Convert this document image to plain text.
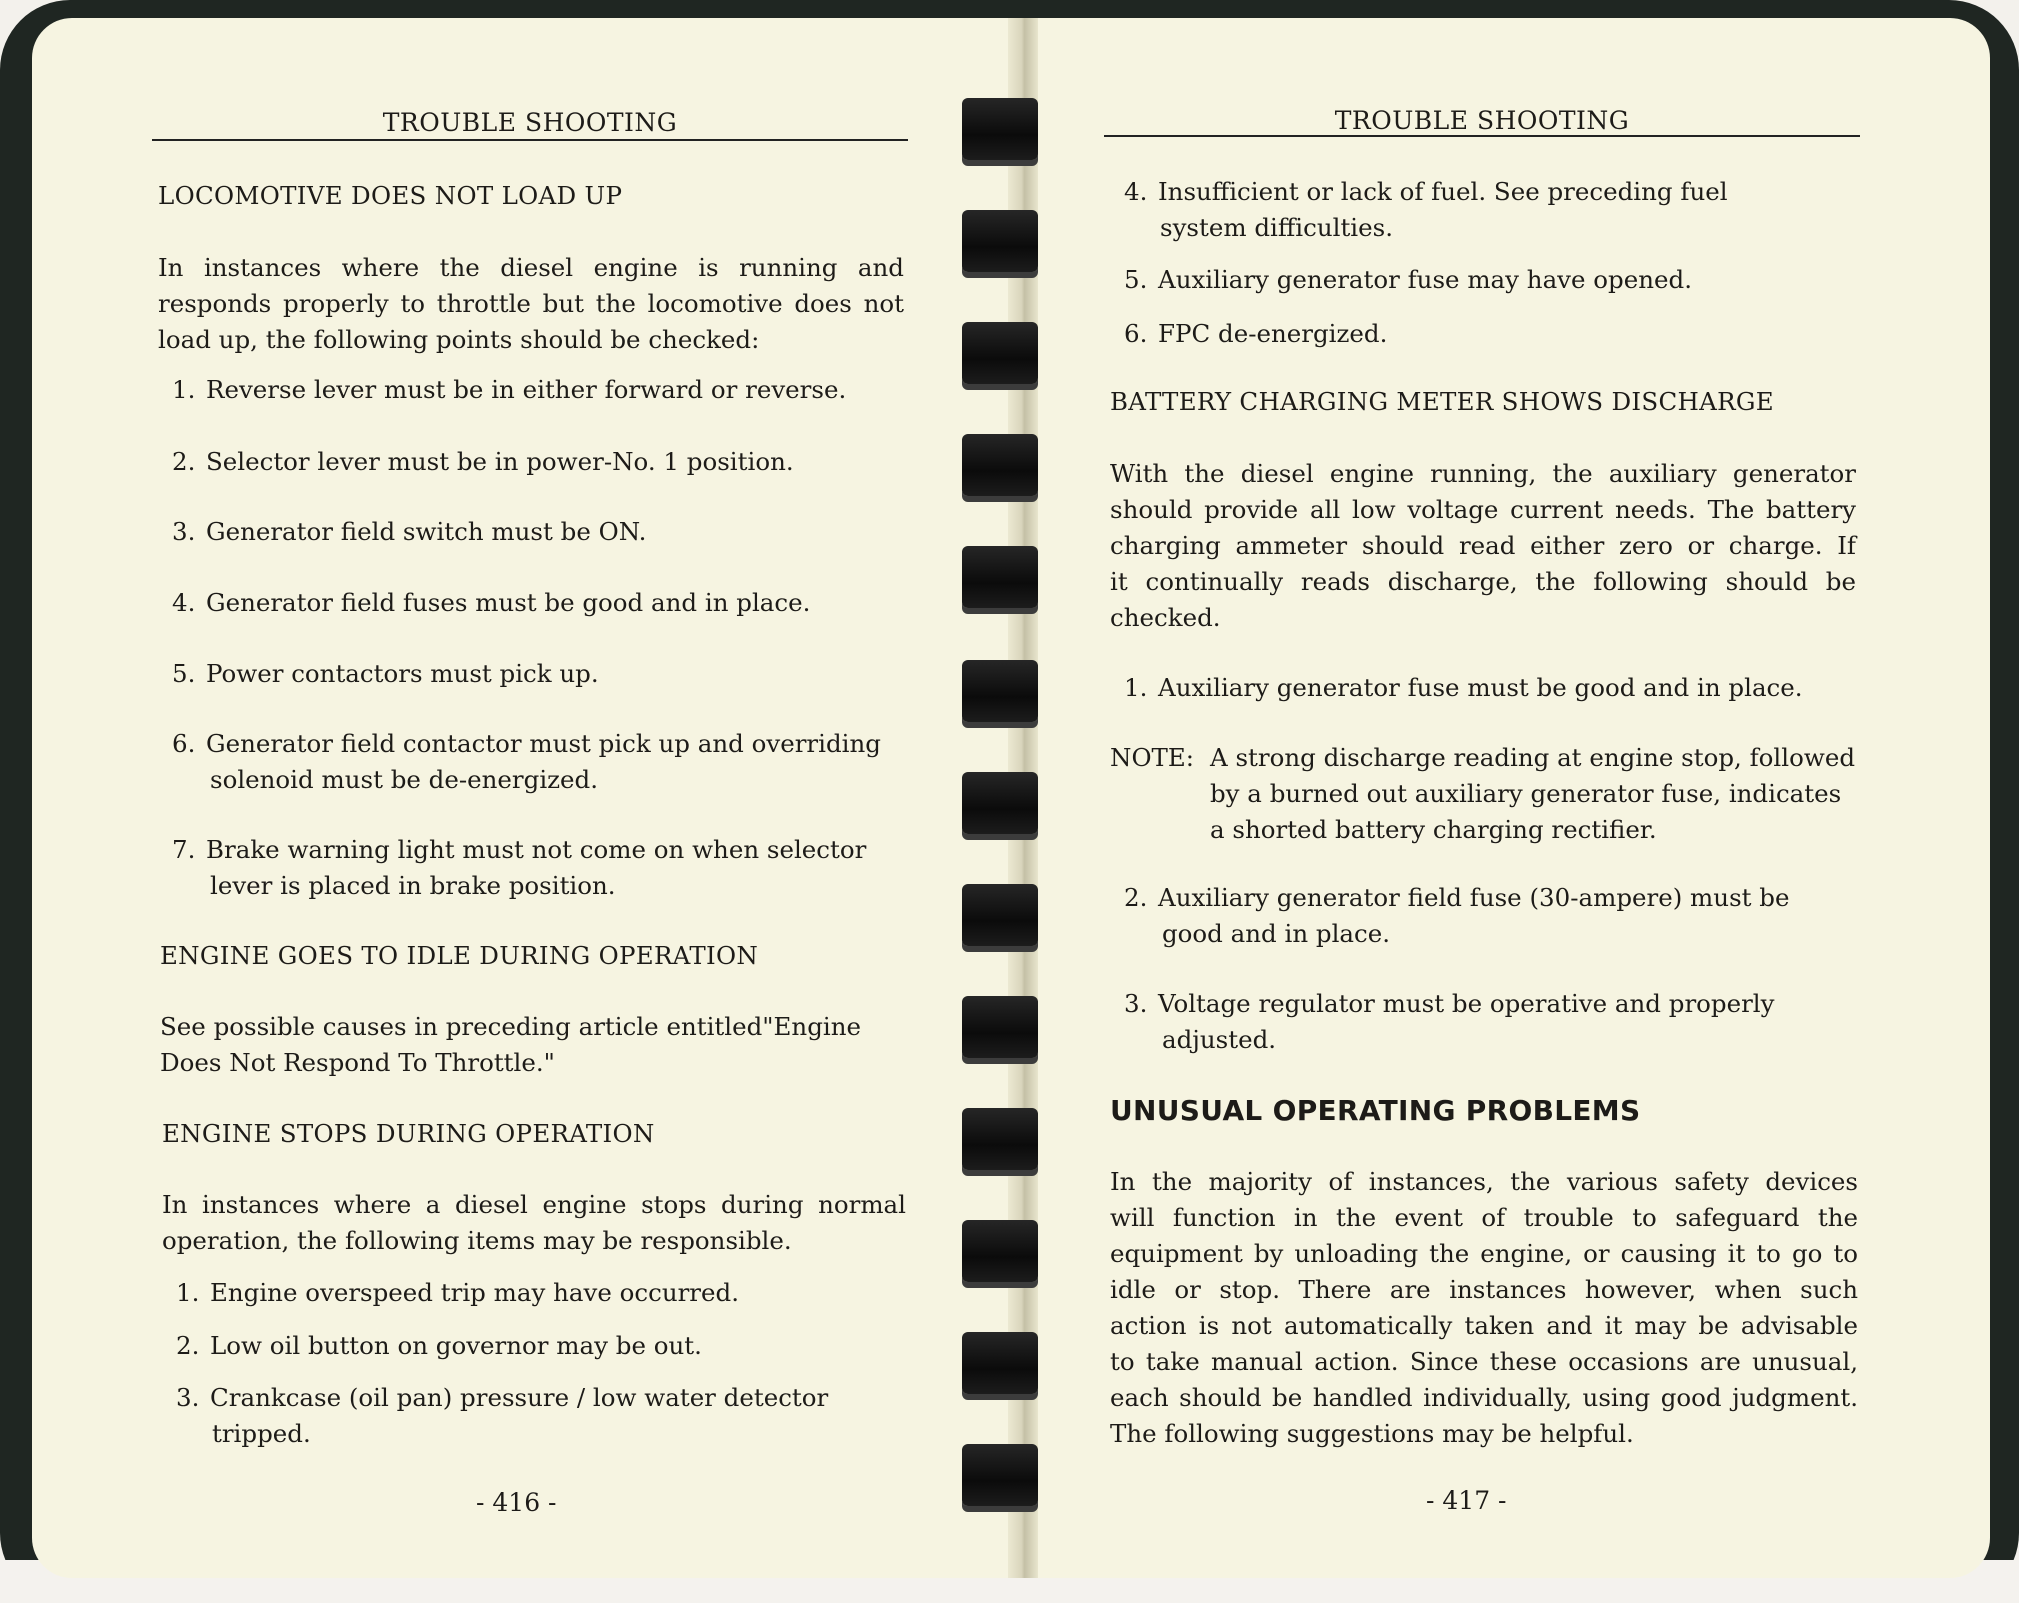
TROUBLE SHOOTING
LOCOMOTIVE DOES NOT LOAD UP
In instances where the diesel engine is running and
responds properly to throttle but the locomotive does not
load up, the following points should be checked:
1. Reverse lever must be in either forward or reverse.
2. Selector lever must be in power-No. 1 position.
3. Generator field switch must be ON.
4. Generator field fuses must be good and in place.
5. Power contactors must pick up.
6. Generator field contactor must pick up and overriding
solenoid must be de-energized.
7. Brake warning light must not come on when selector
lever is placed in brake position.
ENGINE GOES TO IDLE DURING OPERATION
See possible causes in preceding article entitled"Engine
Does Not Respond To Throttle."
ENGINE STOPS DURING OPERATION
In instances where a diesel engine stops during normal
operation, the following items may be responsible.
1. Engine overspeed trip may have occurred.
2. Low oil button on governor may be out.
3. Crankcase (oil pan) pressure / low water detector
tripped.
- 416 -
TROUBLE SHOOTING
4. Insufficient or lack of fuel. See preceding fuel
system difficulties.
5. Auxiliary generator fuse may have opened.
6. FPC de-energized.
BATTERY CHARGING METER SHOWS DISCHARGE
With the diesel engine running, the auxiliary generator
should provide all low voltage current needs. The battery
charging ammeter should read either zero or charge. If
it continually reads discharge, the following should be
checked.
1. Auxiliary generator fuse must be good and in place.
NOTE: A strong discharge reading at engine stop, followed
by a burned out auxiliary generator fuse, indicates
a shorted battery charging rectifier.
2. Auxiliary generator field fuse (30-ampere) must be
good and in place.
3. Voltage regulator must be operative and properly
adjusted.
UNUSUAL OPERATING PROBLEMS
In the majority of instances, the various safety devices
will function in the event of trouble to safeguard the
equipment by unloading the engine, or causing it to go to
idle or stop. There are instances however, when such
action is not automatically taken and it may be advisable
to take manual action. Since these occasions are unusual,
each should be handled individually, using good judgment.
The following suggestions may be helpful.
- 417 -
